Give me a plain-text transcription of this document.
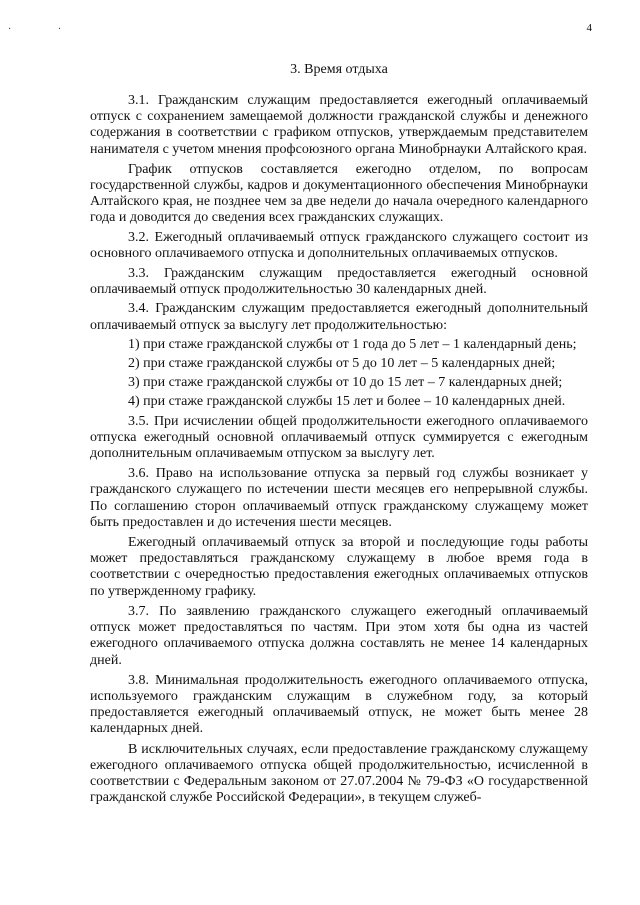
· ·	4
3. Время отдыха

3.1. Гражданским служащим предоставляется ежегодный оплачиваемый отпуск с сохранением замещаемой должности гражданской службы и денежного содержания в соответствии с графиком отпусков, утверждаемым представителем нанимателя с учетом мнения профсоюзного органа Минобрнауки Алтайского края.

График отпусков составляется ежегодно отделом, по вопросам государственной службы, кадров и документационного обеспечения Минобрнауки Алтайского края, не позднее чем за две недели до начала очередного календарного года и доводится до сведения всех гражданских служащих.

3.2. Ежегодный оплачиваемый отпуск гражданского служащего состоит из основного оплачиваемого отпуска и дополнительных оплачиваемых отпусков.

3.3. Гражданским служащим предоставляется ежегодный основной оплачиваемый отпуск продолжительностью 30 календарных дней.

3.4. Гражданским служащим предоставляется ежегодный дополнительный оплачиваемый отпуск за выслугу лет продолжительностью:

1) при стаже гражданской службы от 1 года до 5 лет – 1 календарный день;

2) при стаже гражданской службы от 5 до 10 лет – 5 календарных дней;

3) при стаже гражданской службы от 10 до 15 лет – 7 календарных дней;

4) при стаже гражданской службы 15 лет и более – 10 календарных дней.

3.5. При исчислении общей продолжительности ежегодного оплачиваемого отпуска ежегодный основной оплачиваемый отпуск суммируется с ежегодным дополнительным оплачиваемым отпуском за выслугу лет.

3.6. Право на использование отпуска за первый год службы возникает у гражданского служащего по истечении шести месяцев его непрерывной службы. По соглашению сторон оплачиваемый отпуск гражданскому служащему может быть предоставлен и до истечения шести месяцев.

Ежегодный оплачиваемый отпуск за второй и последующие годы работы может предоставляться гражданскому служащему в любое время года в соответствии с очередностью предоставления ежегодных оплачиваемых отпусков по утвержденному графику.

3.7. По заявлению гражданского служащего ежегодный оплачиваемый отпуск может предоставляться по частям. При этом хотя бы одна из частей ежегодного оплачиваемого отпуска должна составлять не менее 14 календарных дней.

3.8. Минимальная продолжительность ежегодного оплачиваемого отпуска, используемого гражданским служащим в служебном году, за который предоставляется ежегодный оплачиваемый отпуск, не может быть менее 28 календарных дней.

В исключительных случаях, если предоставление гражданскому служащему ежегодного оплачиваемого отпуска общей продолжительностью, исчисленной в соответствии с Федеральным законом от 27.07.2004 № 79-ФЗ «О государственной гражданской службе Российской Федерации», в текущем служеб-
